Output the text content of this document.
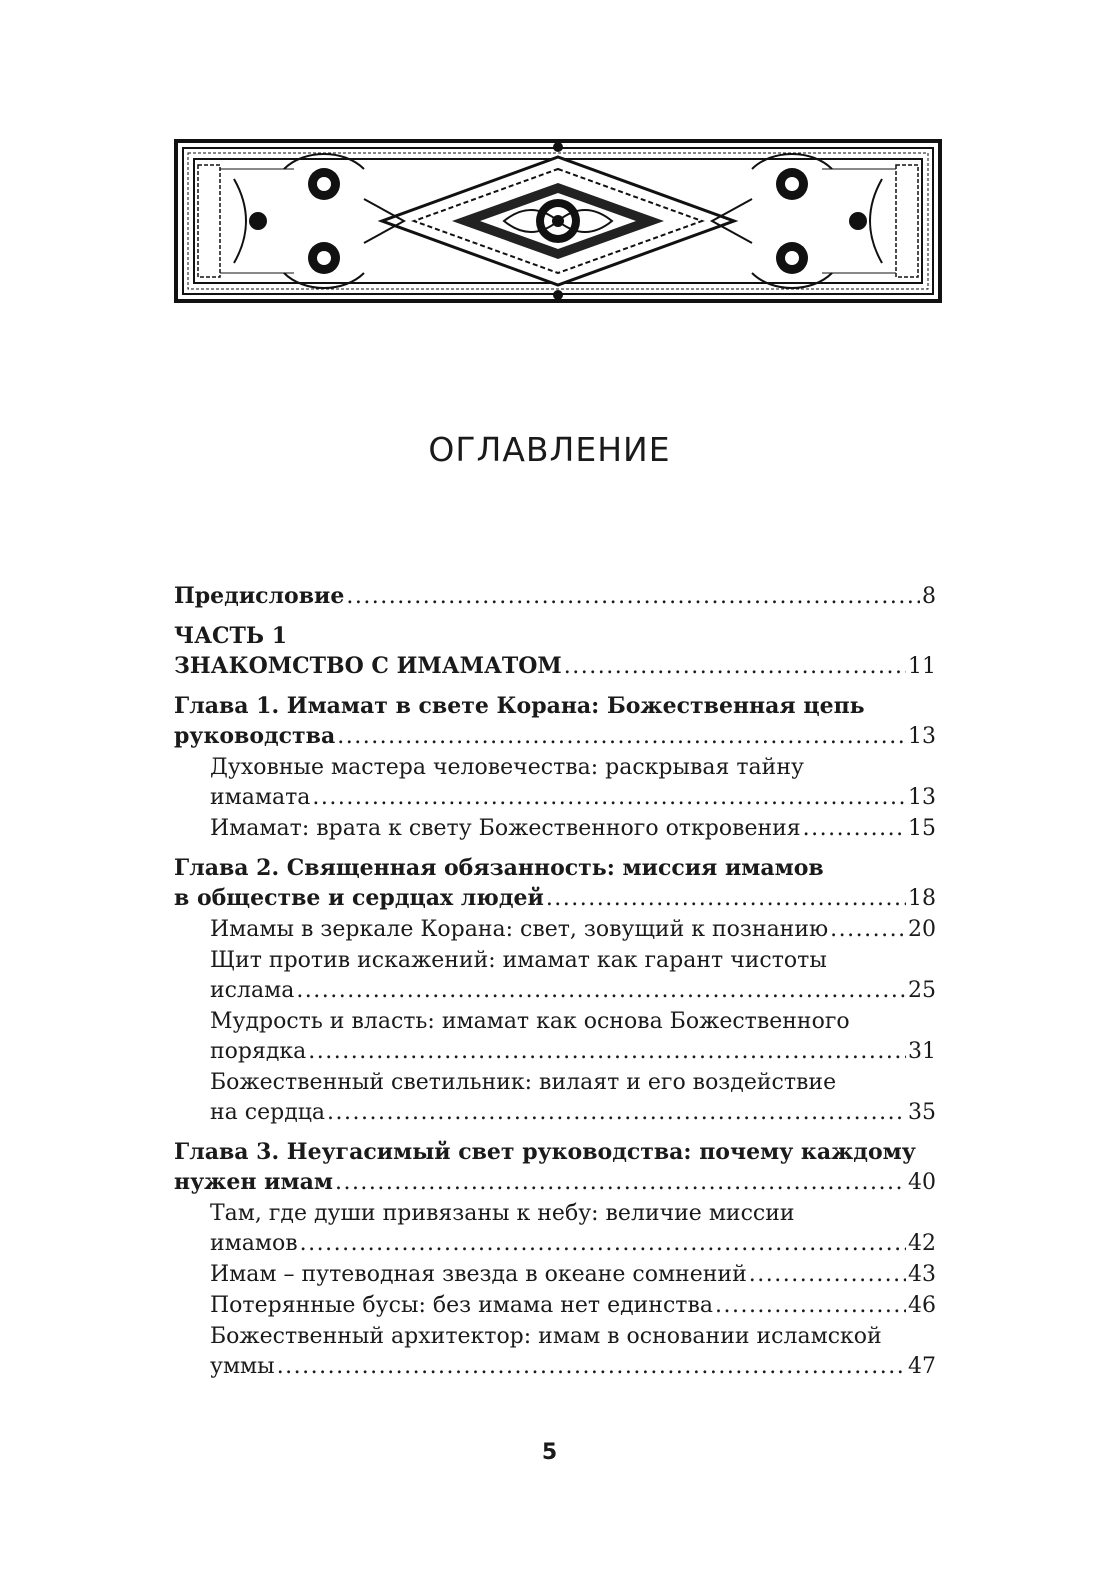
ОГЛАВЛЕНИЕ
Предисловие .....	8
ЧАСТЬ 1
ЗНАКОМСТВО С ИМАМАТОМ .....	11
Глава 1. Имамат в свете Корана: Божественная цепь
руководства .....	13
Духовные мастера человечества: раскрывая тайну
имамата .....	13
Имамат: врата к свету Божественного откровения .....	15
Глава 2. Священная обязанность: миссия имамов
в обществе и сердцах людей .....	18
Имамы в зеркале Корана: свет, зовущий к познанию .....	20
Щит против искажений: имамат как гарант чистоты
ислама .....	25
Мудрость и власть: имамат как основа Божественного
порядка .....	31
Божественный светильник: вилаят и его воздействие
на сердца .....	35
Глава 3. Неугасимый свет руководства: почему каждому
нужен имам .....	40
Там, где души привязаны к небу: величие миссии
имамов .....	42
Имам – путеводная звезда в океане сомнений .....	43
Потерянные бусы: без имама нет единства .....	46
Божественный архитектор: имам в основании исламской
уммы .....	47
5
